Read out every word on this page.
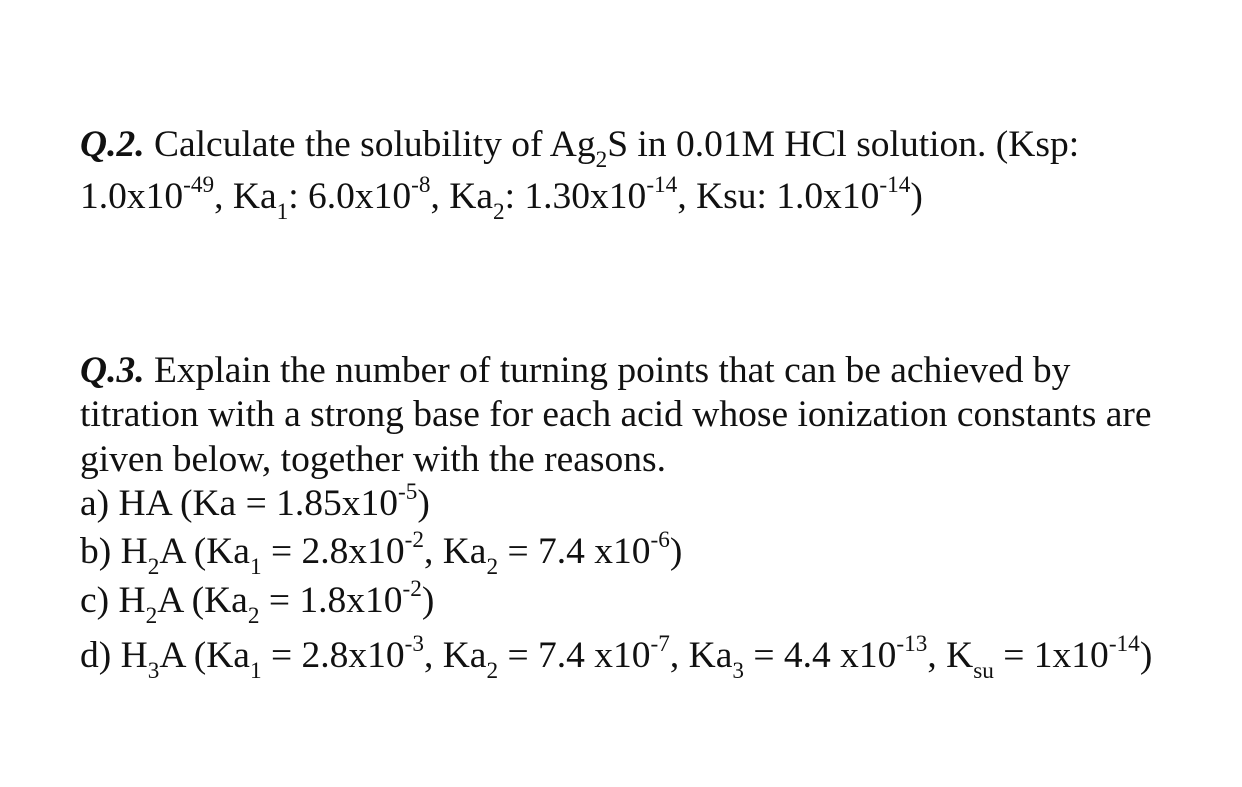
Q.2. Calculate the solubility of $Ag_2S$ in 0.01M HCl solution. (Ksp:
$1.0x10^{-49}$, $Ka_1$: $6.0x10^{-8}$, $Ka_2$: $1.30x10^{-14}$, Ksu: $1.0x10^{-14}$)
Q.3. Explain the number of turning points that can be achieved by
titration with a strong base for each acid whose ionization constants are
given below, together with the reasons.
a) HA $(Ka = 1.85x10^{-5})$
b) $H_2A$ ($Ka_1 = 2.8x10^{-2}$, $Ka_2 = 7.4$ $x10^{-6}$)
c) $H_2A$ $(Ka_2 = 1.8x10^{-2})$
d) $H_3A$ ($Ka_1 = 2.8x10^{-3}$, $Ka_2 = 7.4$ $x10^{-7}$, $Ka_3 = 4.4$ $x10^{-13}$, $K_{su} = 1x10^{-14}$)
